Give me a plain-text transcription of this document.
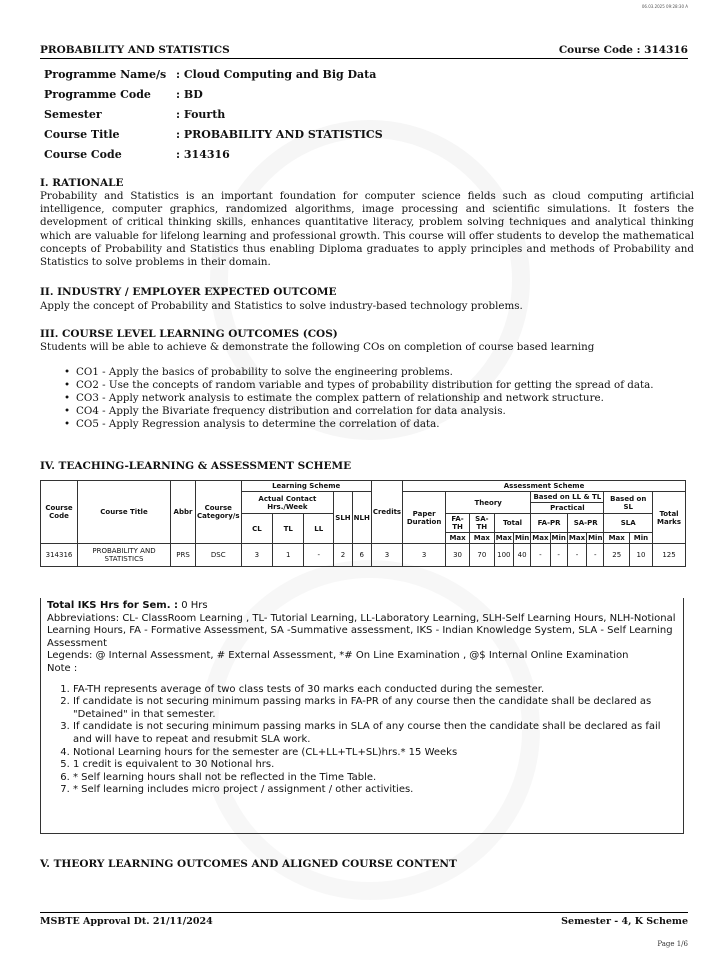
06.03.2025 09:28:30 A
PROBABILITY AND STATISTICS	Course Code : 314316
Programme Name/s	: Cloud Computing and Big Data
Programme Code	: BD
Semester	: Fourth
Course Title	: PROBABILITY AND STATISTICS
Course Code	: 314316
I. RATIONALE
Probability and Statistics is an important foundation for computer science fields such as cloud computing artificial intelligence, computer graphics, randomized algorithms, image processing and scientific simulations. It fosters the development of critical thinking skills, enhances quantitative literacy, problem solving techniques and analytical thinking which are valuable for lifelong learning and professional growth. This course will offer students to develop the mathematical concepts of Probability and Statistics thus enabling Diploma graduates to apply principles and methods of Probability and Statistics to solve problems in their domain.
II. INDUSTRY / EMPLOYER EXPECTED OUTCOME
Apply the concept of Probability and Statistics to solve industry-based technology problems.
III. COURSE LEVEL LEARNING OUTCOMES (COS)
Students will be able to achieve & demonstrate the following COs on completion of course based learning
• CO1 - Apply the basics of probability to solve the engineering problems.
• CO2 - Use the concepts of random variable and types of probability distribution for getting the spread of data.
• CO3 - Apply network analysis to estimate the complex pattern of relationship and network structure.
• CO4 - Apply the Bivariate frequency distribution and correlation for data analysis.
• CO5 - Apply Regression analysis to determine the correlation of data.
IV. TEACHING-LEARNING & ASSESSMENT SCHEME
Course Code	Course Title	Abbr	Course Category/s	Learning Scheme					Credits	Assessment Scheme											
				Actual Contact Hrs./Week			SLH	NLH		Paper Duration	Theory				Based on LL & TL				Based on SL		Total Marks
															Practical						
				CL	TL	LL					FA-TH	SA-TH	Total		FA-PR		SA-PR		SLA		
											Max	Max	Max	Min	Max	Min	Max	Min	Max	Min	
314316	PROBABILITY AND STATISTICS	PRS	DSC	3	1	-	2	6	3	3	30	70	100	40	-	-	-	-	25	10	125

Total IKS Hrs for Sem. : 0 Hrs

Abbreviations: CL- ClassRoom Learning , TL- Tutorial Learning, LL-Laboratory Learning, SLH-Self Learning Hours, NLH-Notional Learning Hours, FA - Formative Assessment, SA -Summative assessment, IKS - Indian Knowledge System, SLA - Self Learning Assessment

Legends: @ Internal Assessment, # External Assessment, *# On Line Examination , @$ Internal Online Examination

Note :

1. FA-TH represents average of two class tests of 30 marks each conducted during the semester.
2. If candidate is not securing minimum passing marks in FA-PR of any course then the candidate shall be declared as "Detained" in that semester.
3. If candidate is not securing minimum passing marks in SLA of any course then the candidate shall be declared as fail and will have to repeat and resubmit SLA work.
4. Notional Learning hours for the semester are (CL+LL+TL+SL)hrs.* 15 Weeks
5. 1 credit is equivalent to 30 Notional hrs.
6. * Self learning hours shall not be reflected in the Time Table.
7. * Self learning includes micro project / assignment / other activities.
V. THEORY LEARNING OUTCOMES AND ALIGNED COURSE CONTENT
MSBTE Approval Dt. 21/11/2024	Semester - 4, K Scheme
Page 1/6
